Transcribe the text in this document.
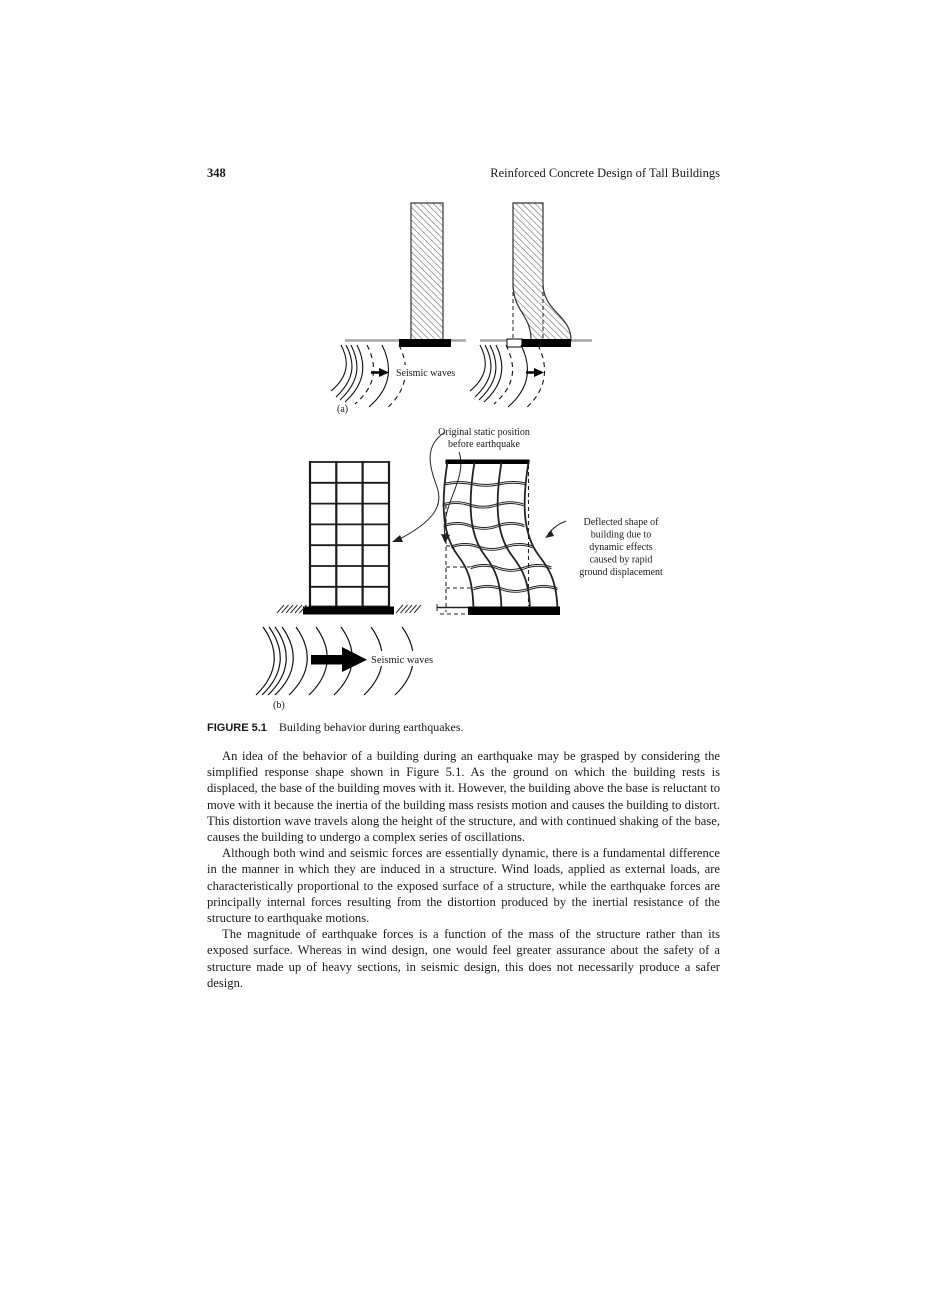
348	Reinforced Concrete Design of Tall Buildings
Seismic waves
(a)
Original static position
before earthquake
Deflected shape of
building due to
dynamic effects
caused by rapid
ground displacement
Seismic waves
(b)
FIGURE 5.1 Building behavior during earthquakes.

An idea of the behavior of a building during an earthquake may be grasped by considering the simplified response shape shown in Figure 5.1. As the ground on which the building rests is displaced, the base of the building moves with it. However, the building above the base is reluctant to move with it because the inertia of the building mass resists motion and causes the building to distort. This distortion wave travels along the height of the structure, and with continued shaking of the base, causes the building to undergo a complex series of oscillations.

Although both wind and seismic forces are essentially dynamic, there is a fundamental difference in the manner in which they are induced in a structure. Wind loads, applied as external loads, are characteristically proportional to the exposed surface of a structure, while the earthquake forces are principally internal forces resulting from the distortion produced by the inertial resistance of the structure to earthquake motions.

The magnitude of earthquake forces is a function of the mass of the structure rather than its exposed surface. Whereas in wind design, one would feel greater assurance about the safety of a structure made up of heavy sections, in seismic design, this does not necessarily produce a safer design.
